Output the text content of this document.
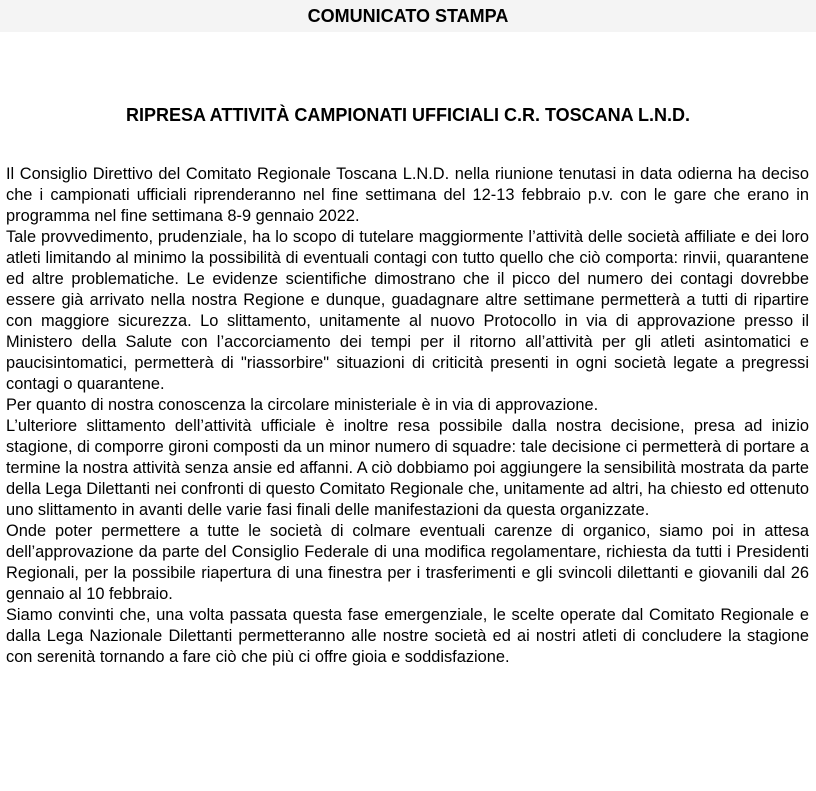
COMUNICATO STAMPA
RIPRESA ATTIVITÀ CAMPIONATI UFFICIALI C.R. TOSCANA L.N.D.

Il Consiglio Direttivo del Comitato Regionale Toscana L.N.D. nella riunione tenutasi in data odierna ha deciso che i campionati ufficiali riprenderanno nel fine settimana del 12-13 febbraio p.v. con le gare che erano in programma nel fine settimana 8-9 gennaio 2022.

Tale provvedimento, prudenziale, ha lo scopo di tutelare maggiormente l’attività delle società affiliate e dei loro atleti limitando al minimo la possibilità di eventuali contagi con tutto quello che ciò comporta: rinvii, quarantene ed altre problematiche. Le evidenze scientifiche dimostrano che il picco del numero dei contagi dovrebbe essere già arrivato nella nostra Regione e dunque, guadagnare altre settimane permetterà a tutti di ripartire con maggiore sicurezza. Lo slittamento, unitamente al nuovo Protocollo in via di approvazione presso il Ministero della Salute con l’accorciamento dei tempi per il ritorno all’attività per gli atleti asintomatici e paucisintomatici, permetterà di "riassorbire" situazioni di criticità presenti in ogni società legate a pregressi contagi o quarantene.

Per quanto di nostra conoscenza la circolare ministeriale è in via di approvazione.

L’ulteriore slittamento dell’attività ufficiale è inoltre resa possibile dalla nostra decisione, presa ad inizio stagione, di comporre gironi composti da un minor numero di squadre: tale decisione ci permetterà di portare a termine la nostra attività senza ansie ed affanni. A ciò dobbiamo poi aggiungere la sensibilità mostrata da parte della Lega Dilettanti nei confronti di questo Comitato Regionale che, unitamente ad altri, ha chiesto ed ottenuto uno slittamento in avanti delle varie fasi finali delle manifestazioni da questa organizzate.

Onde poter permettere a tutte le società di colmare eventuali carenze di organico, siamo poi in attesa dell’approvazione da parte del Consiglio Federale di una modifica regolamentare, richiesta da tutti i Presidenti Regionali, per la possibile riapertura di una finestra per i trasferimenti e gli svincoli dilettanti e giovanili dal 26 gennaio al 10 febbraio.

Siamo convinti che, una volta passata questa fase emergenziale, le scelte operate dal Comitato Regionale e dalla Lega Nazionale Dilettanti permetteranno alle nostre società ed ai nostri atleti di concludere la stagione con serenità tornando a fare ciò che più ci offre gioia e soddisfazione.
